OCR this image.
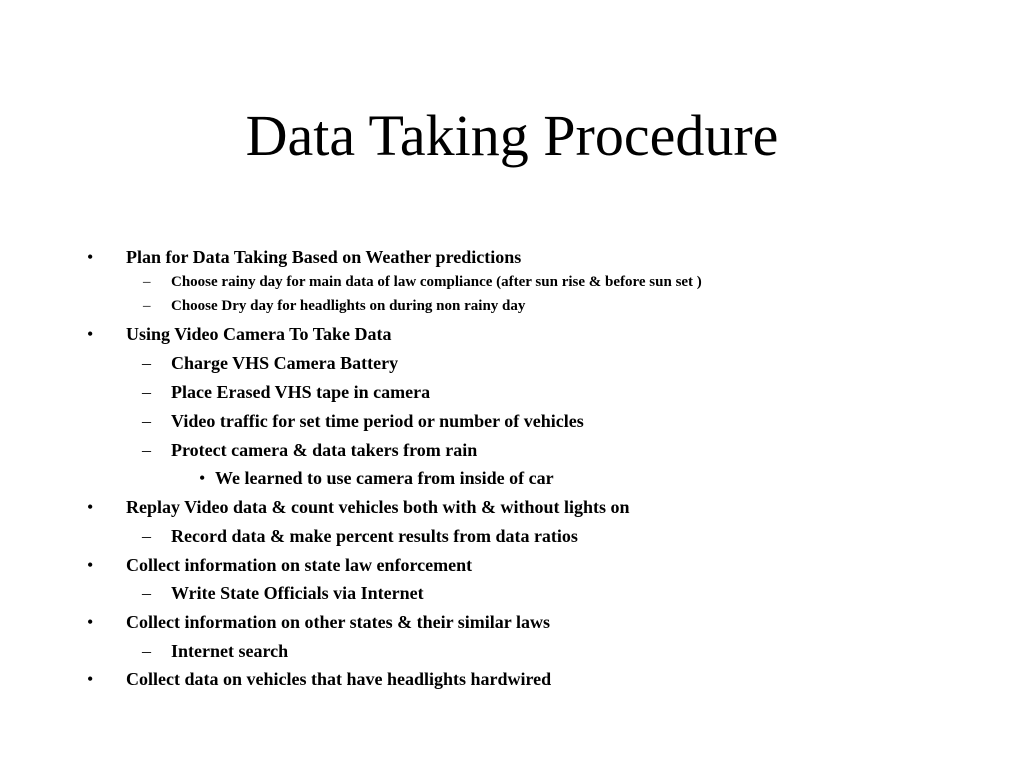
Data Taking Procedure
• Plan for Data Taking Based on Weather predictions
– Choose rainy day for main data of law compliance (after sun rise & before sun set )
– Choose Dry day for headlights on during non rainy day
• Using Video Camera To Take Data
– Charge VHS Camera Battery
– Place Erased VHS tape in camera
– Video traffic for set time period or number of vehicles
– Protect camera & data takers from rain
• We learned to use camera from inside of car
• Replay Video data & count vehicles both with & without lights on
– Record data & make percent results from data ratios
• Collect information on state law enforcement
– Write State Officials via Internet
• Collect information on other states & their similar laws
– Internet search
• Collect data on vehicles that have headlights hardwired
